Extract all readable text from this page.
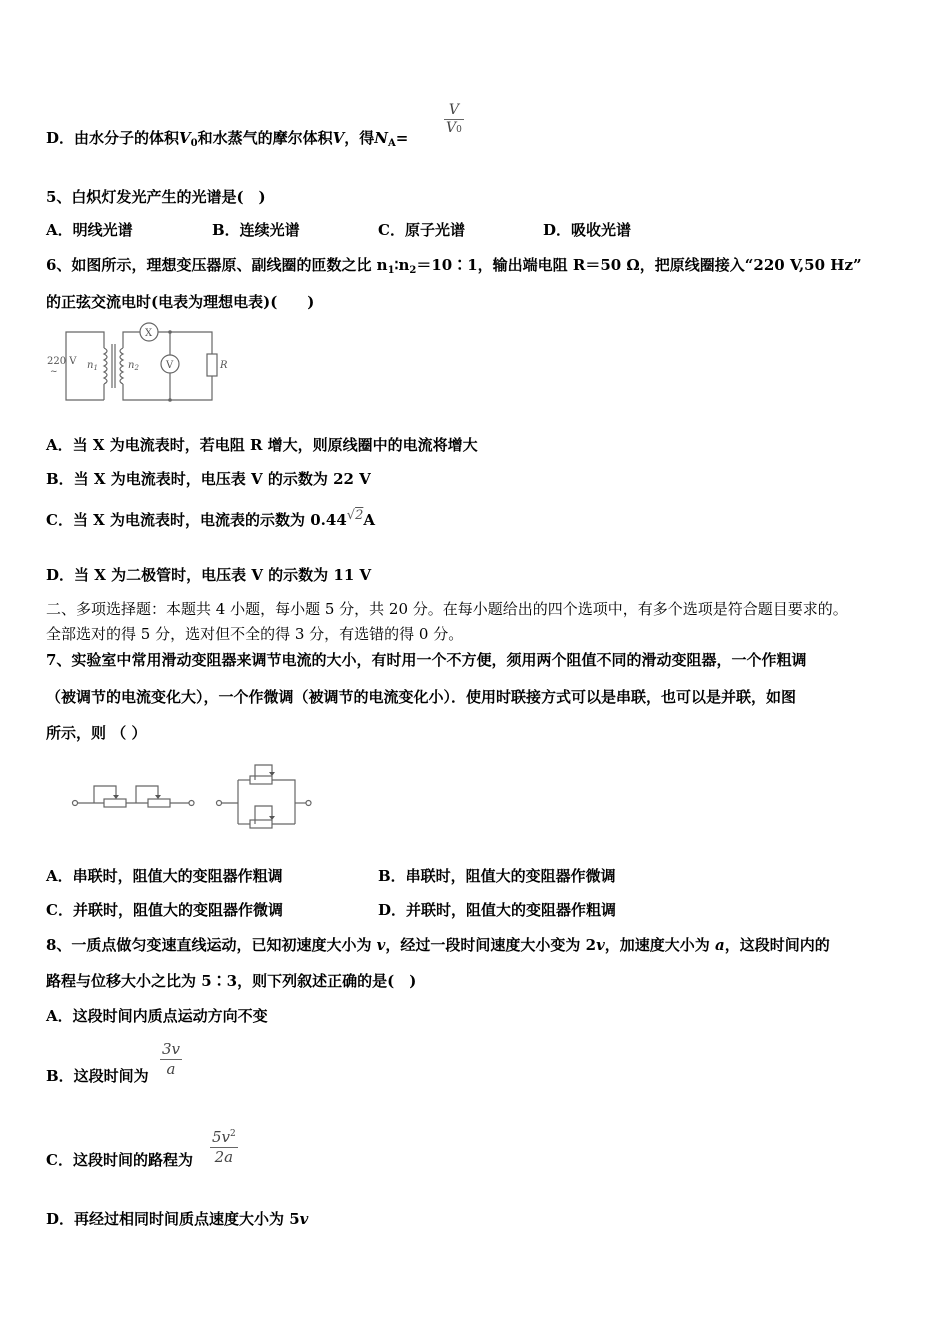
D．由水分子的体积$V_0$和水蒸气的摩尔体积V，得$N_A=$	$\frac{V}{V0}$
5、白炽灯发光产生的光谱是(　)
A．明线光谱	B．连续光谱	C．原子光谱	D．吸收光谱
6、如图所示，理想变压器原、副线圈的匝数之比 $n_1∶n_2=10∶1$，输出端电阻 R＝50 Ω，把原线圈接入“220 V,50 Hz”
的正弦交流电时(电表为理想电表)(　　)
220 V
~
$n_1$	$n_2$
X
V	R
A．当 X 为电流表时，若电阻 R 增大，则原线圈中的电流将增大
B．当 X 为电流表时，电压表 V 的示数为 22 V
C．当 X 为电流表时，电流表的示数为 0.44√2A
D．当 X 为二极管时，电压表 V 的示数为 11 V
二、多项选择题：本题共 4 小题，每小题 5 分，共 20 分。在每小题给出的四个选项中，有多个选项是符合题目要求的。
全部选对的得 5 分，选对但不全的得 3 分，有选错的得 0 分。
7、实验室中常用滑动变阻器来调节电流的大小，有时用一个不方便，须用两个阻值不同的滑动变阻器，一个作粗调
（被调节的电流变化大），一个作微调（被调节的电流变化小）．使用时联接方式可以是串联，也可以是并联，如图
所示，则 （ ）
A．串联时，阻值大的变阻器作粗调	B．串联时，阻值大的变阻器作微调
C．并联时，阻值大的变阻器作微调	D．并联时，阻值大的变阻器作粗调
8、一质点做匀变速直线运动，已知初速度大小为 v，经过一段时间速度大小变为 2v，加速度大小为 a，这段时间内的
路程与位移大小之比为 5∶3，则下列叙述正确的是(　)
A．这段时间内质点运动方向不变
B．这段时间为 $\frac{3v}{a}$
C．这段时间的路程为 $\frac{5v^2}{2a}$
D．再经过相同时间质点速度大小为 5v
